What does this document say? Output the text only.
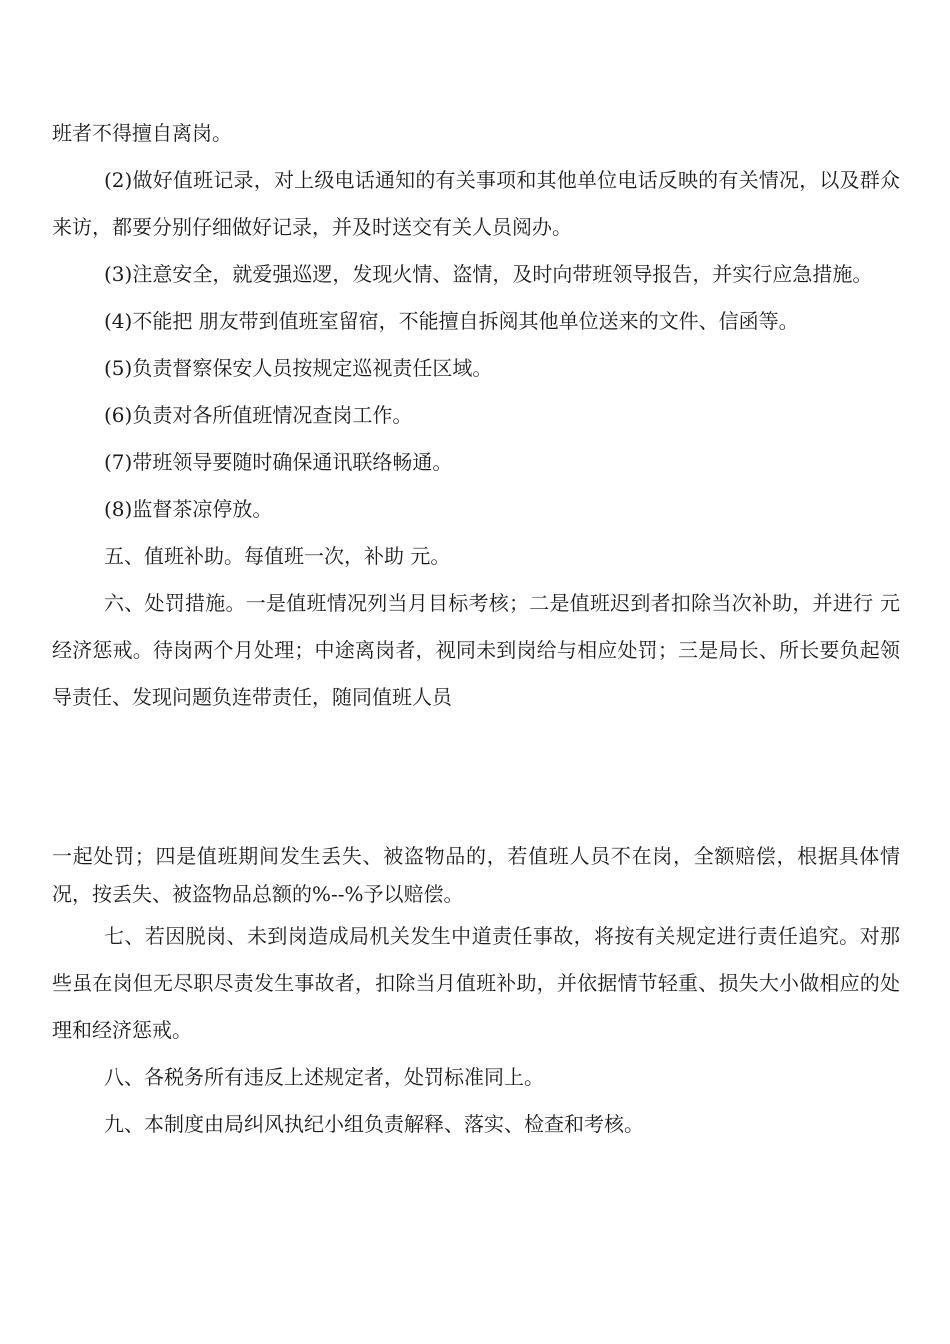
班者不得擅自离岗。

(2)做好值班记录，对上级电话通知的有关事项和其他单位电话反映的有关情况，以及群众来访，都要分别仔细做好记录，并及时送交有关人员阅办。

(3)注意安全，就爱强巡逻，发现火情、盗情，及时向带班领导报告，并实行应急措施。

(4)不能把 朋友带到值班室留宿，不能擅自拆阅其他单位送来的文件、信函等。

(5)负责督察保安人员按规定巡视责任区域。

(6)负责对各所值班情况查岗工作。

(7)带班领导要随时确保通讯联络畅通。

(8)监督茶凉停放。

五、值班补助。每值班一次，补助 元。

六、处罚措施。一是值班情况列当月目标考核；二是值班迟到者扣除当次补助，并进行 元经济惩戒。待岗两个月处理；中途离岗者，视同未到岗给与相应处罚；三是局长、所长要负起领导责任、发现问题负连带责任，随同值班人员

一起处罚；四是值班期间发生丢失、被盗物品的，若值班人员不在岗，全额赔偿，根据具体情况，按丢失、被盗物品总额的%--%予以赔偿。

七、若因脱岗、未到岗造成局机关发生中道责任事故，将按有关规定进行责任追究。对那些虽在岗但无尽职尽责发生事故者，扣除当月值班补助，并依据情节轻重、损失大小做相应的处理和经济惩戒。

八、各税务所有违反上述规定者，处罚标准同上。

九、本制度由局纠风执纪小组负责解释、落实、检查和考核。
